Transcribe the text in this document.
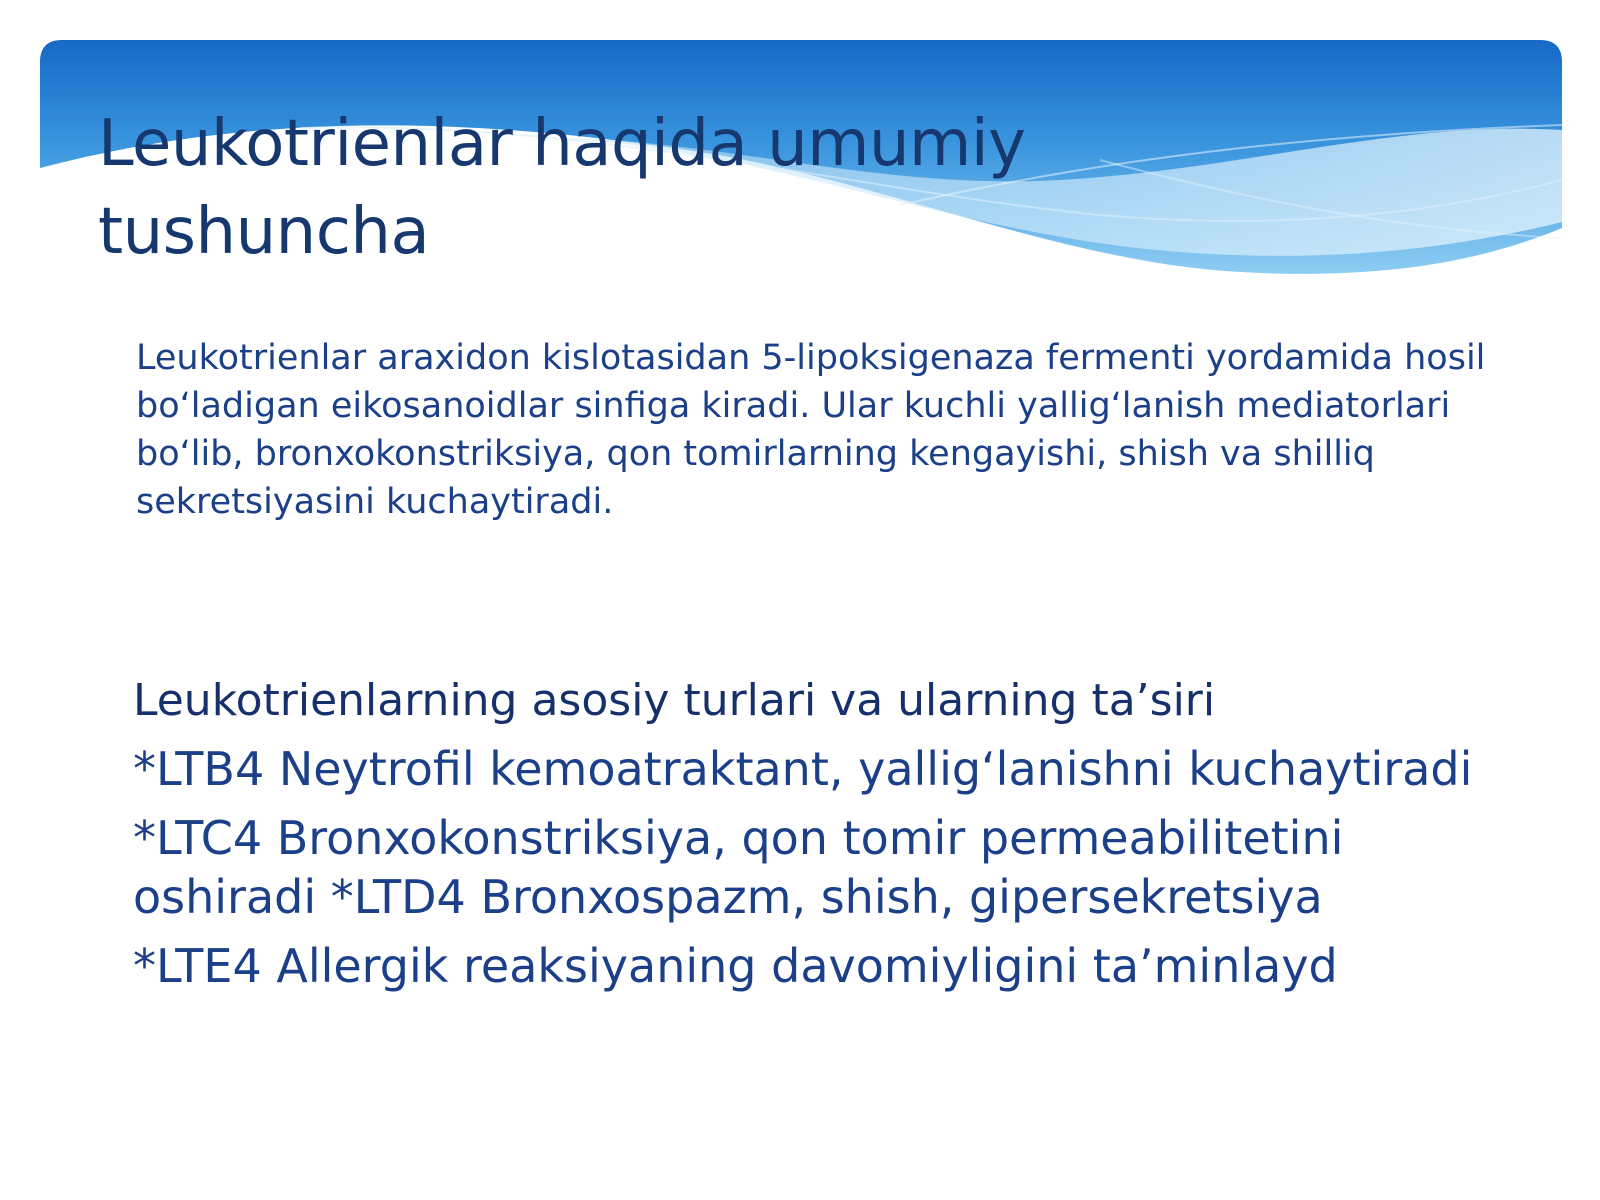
Leukotrienlar haqida umumiy tushuncha

Leukotrienlar araxidon kislotasidan 5-lipoksigenaza fermenti yordamida hosil bo‘ladigan eikosanoidlar sinfiga kiradi. Ular kuchli yallig‘lanish mediatorlari bo‘lib, bronxokonstriksiya, qon tomirlarning kengayishi, shish va shilliq sekretsiyasini kuchaytiradi.

Leukotrienlarning asosiy turlari va ularning ta’siri
*LTB4 Neytrofil kemoatraktant, yallig‘lanishni kuchaytiradi
*LTC4 Bronxokonstriksiya, qon tomir permeabilitetini oshiradi *LTD4 Bronxospazm, shish, gipersekretsiya
*LTE4 Allergik reaksiyaning davomiyligini ta’minlayd
